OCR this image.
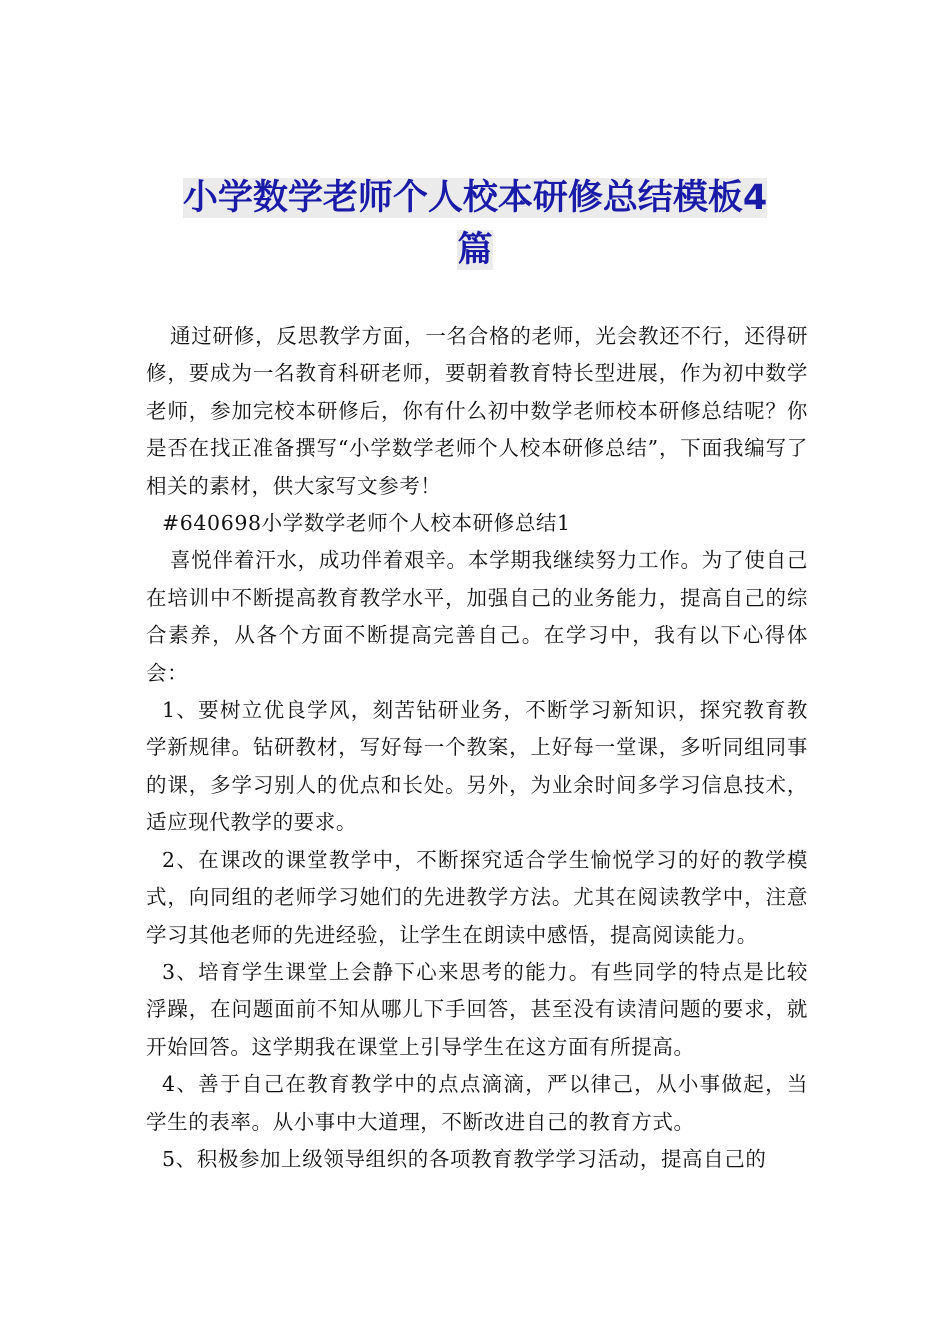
小学数学老师个人校本研修总结模板4
篇

通过研修，反思教学方面，一名合格的老师，光会教还不行，还得研修，要成为一名教育科研老师，要朝着教育特长型进展，作为初中数学老师，参加完校本研修后，你有什么初中数学老师校本研修总结呢？你是否在找正准备撰写“小学数学老师个人校本研修总结”，下面我编写了相关的素材，供大家写文参考！

#640698小学数学老师个人校本研修总结1

喜悦伴着汗水，成功伴着艰辛。本学期我继续努力工作。为了使自己在培训中不断提高教育教学水平，加强自己的业务能力，提高自己的综合素养，从各个方面不断提高完善自己。在学习中，我有以下心得体会：

1、要树立优良学风，刻苦钻研业务，不断学习新知识，探究教育教学新规律。钻研教材，写好每一个教案，上好每一堂课，多听同组同事的课，多学习别人的优点和长处。另外，为业余时间多学习信息技术，适应现代教学的要求。

2、在课改的课堂教学中，不断探究适合学生愉悦学习的好的教学模式，向同组的老师学习她们的先进教学方法。尤其在阅读教学中，注意学习其他老师的先进经验，让学生在朗读中感悟，提高阅读能力。

3、培育学生课堂上会静下心来思考的能力。有些同学的特点是比较浮躁，在问题面前不知从哪儿下手回答，甚至没有读清问题的要求，就开始回答。这学期我在课堂上引导学生在这方面有所提高。

4、善于自己在教育教学中的点点滴滴，严以律己，从小事做起，当学生的表率。从小事中大道理，不断改进自己的教育方式。

5、积极参加上级领导组织的各项教育教学学习活动，提高自己的
